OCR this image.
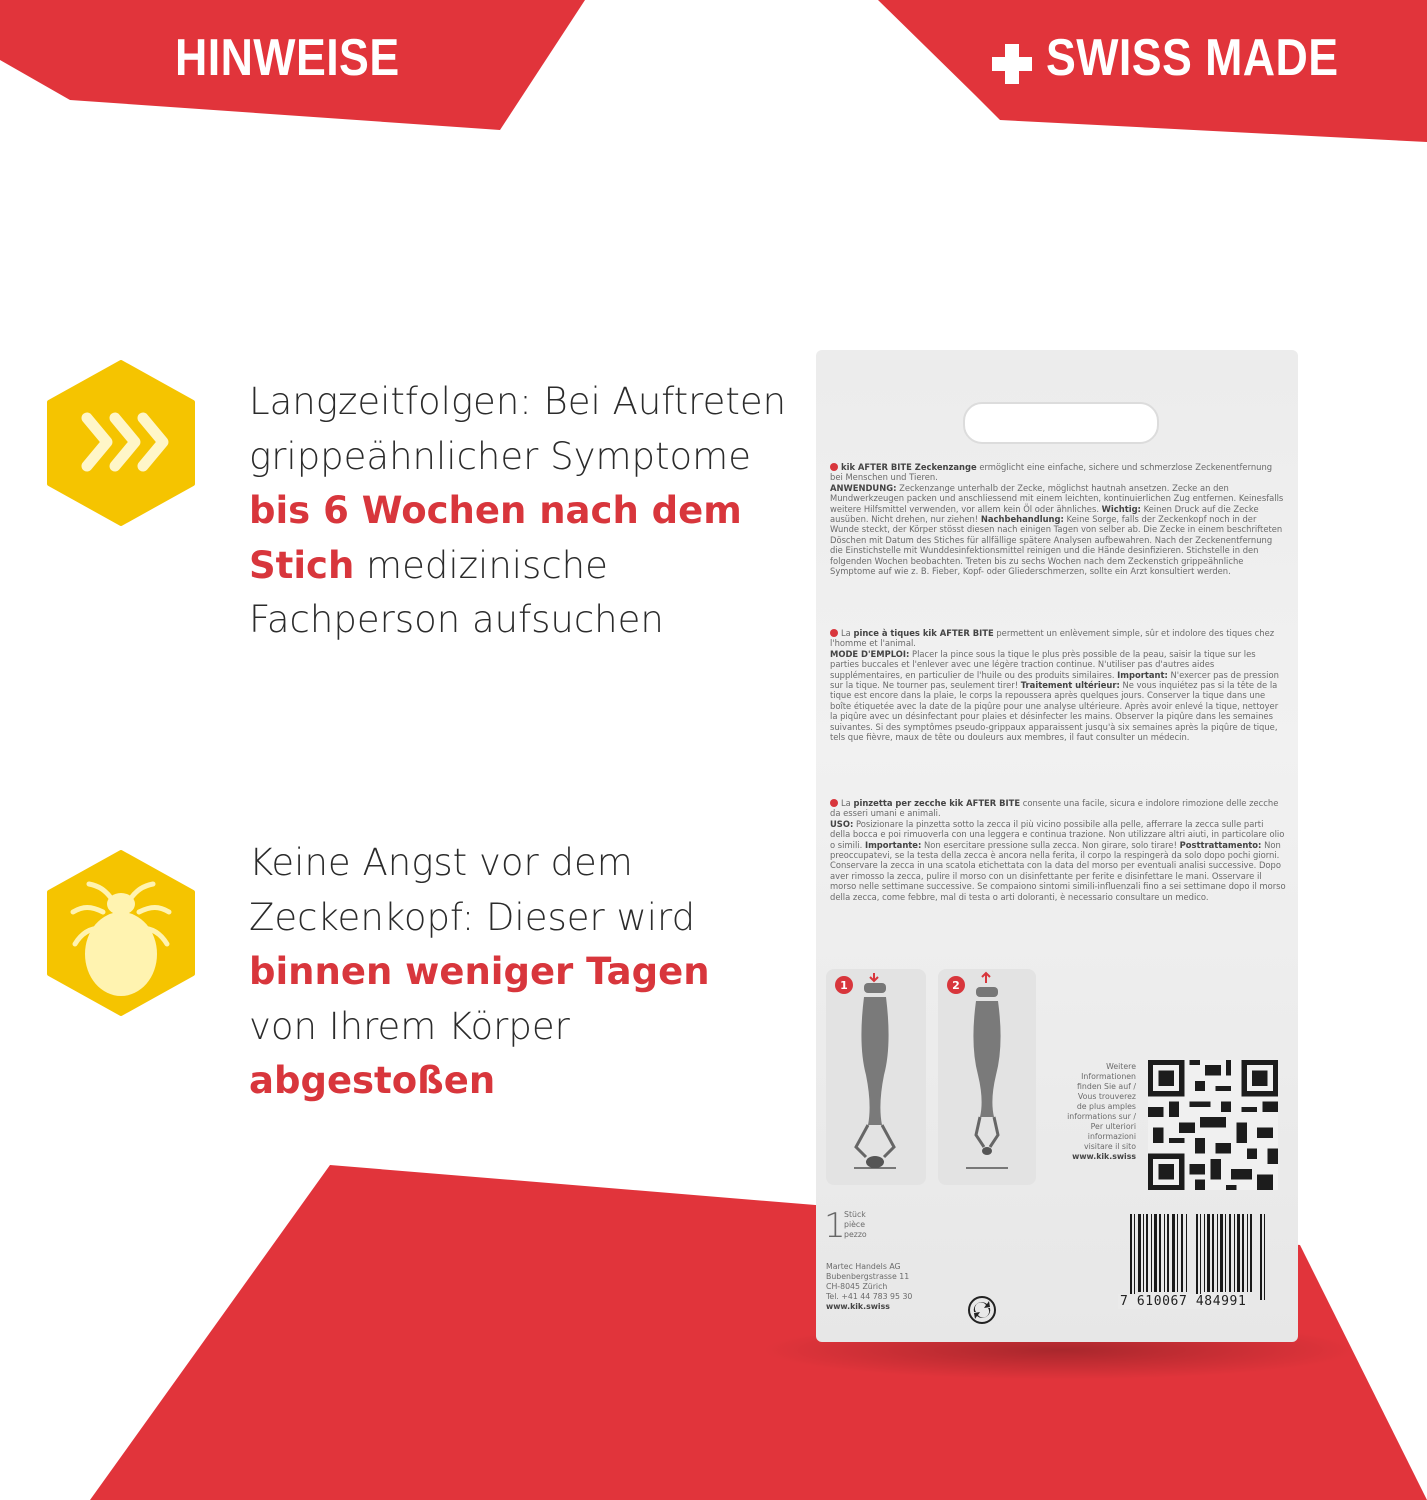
HINWEISE	SWISS MADE
Langzeitfolgen: Bei Auftreten grippeähnlicher Symptome bis 6 Wochen nach dem Stich medizinische Fachperson aufsuchen
Keine Angst vor dem Zeckenkopf: Dieser wird binnen weniger Tagen von Ihrem Körper abgestoßen
kik AFTER BITE Zeckenzange ermöglicht eine einfache, sichere und schmerzlose Zeckenentfernung bei Menschen und Tieren.
ANWENDUNG: Zeckenzange unterhalb der Zecke, möglichst hautnah ansetzen. Zecke an den Mundwerkzeugen packen und anschliessend mit einem leichten, kontinuierlichen Zug entfernen. Keinesfalls weitere Hilfsmittel verwenden, vor allem kein Öl oder ähnliches. Wichtig: Keinen Druck auf die Zecke ausüben. Nicht drehen, nur ziehen! Nachbehandlung: Keine Sorge, falls der Zeckenkopf noch in der Wunde steckt, der Körper stösst diesen nach einigen Tagen von selber ab. Die Zecke in einem beschrifteten Döschen mit Datum des Stiches für allfällige spätere Analysen aufbewahren. Nach der Zeckenentfernung die Einstichstelle mit Wunddesinfektionsmittel reinigen und die Hände desinfizieren. Stichstelle in den folgenden Wochen beobachten. Treten bis zu sechs Wochen nach dem Zeckenstich grippeähnliche Symptome auf wie z. B. Fieber, Kopf- oder Gliederschmerzen, sollte ein Arzt konsultiert werden.
La pince à tiques kik AFTER BITE permettent un enlèvement simple, sûr et indolore des tiques chez l'homme et l'animal.
MODE D'EMPLOI: Placer la pince sous la tique le plus près possible de la peau, saisir la tique sur les parties buccales et l'enlever avec une légère traction continue. N'utiliser pas d'autres aides supplémentaires, en particulier de l'huile ou des produits similaires. Important: N'exercer pas de pression sur la tique. Ne tourner pas, seulement tirer! Traitement ultérieur: Ne vous inquiétez pas si la tête de la tique est encore dans la plaie, le corps la repoussera après quelques jours. Conserver la tique dans une boîte étiquetée avec la date de la piqûre pour une analyse ultérieure. Après avoir enlevé la tique, nettoyer la piqûre avec un désinfectant pour plaies et désinfecter les mains. Observer la piqûre dans les semaines suivantes. Si des symptômes pseudo-grippaux apparaissent jusqu'à six semaines après la piqûre de tique, tels que fièvre, maux de tête ou douleurs aux membres, il faut consulter un médecin.
La pinzetta per zecche kik AFTER BITE consente una facile, sicura e indolore rimozione delle zecche da esseri umani e animali.
USO: Posizionare la pinzetta sotto la zecca il più vicino possibile alla pelle, afferrare la zecca sulle parti della bocca e poi rimuoverla con una leggera e continua trazione. Non utilizzare altri aiuti, in particolare olio o simili. Importante: Non esercitare pressione sulla zecca. Non girare, solo tirare! Posttrattamento: Non preoccupatevi, se la testa della zecca è ancora nella ferita, il corpo la respingerà da solo dopo pochi giorni. Conservare la zecca in una scatola etichettata con la data del morso per eventuali analisi successive. Dopo aver rimosso la zecca, pulire il morso con un disinfettante per ferite e disinfettare le mani. Osservare il morso nelle settimane successive. Se compaiono sintomi simili-influenzali fino a sei settimane dopo il morso della zecca, come febbre, mal di testa o arti doloranti, è necessario consultare un medico.
1	2
Weitere
Informationen
finden Sie auf /
Vous trouverez
de plus amples
informations sur /
Per ulteriori
informazioni
visitare il sito
www.kik.swiss
1
Stück
pièce
pezzo
Martec Handels AG
Bubenbergstrasse 11
CH-8045 Zürich
Tel. +41 44 783 95 30
www.kik.swiss	7 610067 484991
